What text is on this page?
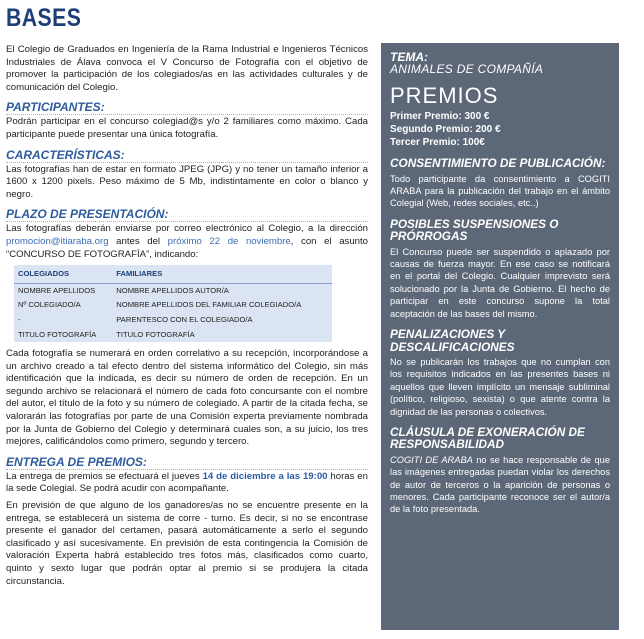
BASES

El Colegio de Graduados en Ingeniería de la Rama Industrial e Ingenieros Técnicos Industriales de Álava convoca el V Concurso de Fotografía con el objetivo de promover la participación de los colegiados/as en las actividades culturales y de comunicación del Colegio.

PARTICIPANTES:

Podrán participar en el concurso colegiad@s y/o 2 familiares como máximo. Cada participante puede presentar una única fotografía.

CARACTERÍSTICAS:

Las fotografías han de estar en formato JPEG (JPG) y no tener un tamaño inferior a 1600 x 1200 pixels. Peso máximo de 5 Mb, indistintamente en color o blanco y negro.

PLAZO DE PRESENTACIÓN:

Las fotografías deberán enviarse por correo electrónico al Colegio, a la dirección promocion@itiaraba.org antes del próximo 22 de noviembre, con el asunto “CONCURSO DE FOTOGRAFÍA”, indicando:

COLEGIADOS	FAMILIARES
NOMBRE APELLIDOS	NOMBRE APELLIDOS AUTOR/A
Nº COLEGIADO/A	NOMBRE APELLIDOS DEL FAMILIAR COLEGIADO/A
-	PARENTESCO CON EL COLEGIADO/A
TITULO FOTOGRAFÍA	TITULO FOTOGRAFÍA

Cada fotografía se numerará en orden correlativo a su recepción, incorporándose a un archivo creado a tal efecto dentro del sistema informático del Colegio, sin más identificación que la indicada, es decir su número de orden de recepción. En un segundo archivo se relacionará el número de cada foto concursante con el nombre del autor, el título de la foto y su número de colegiado. A partir de la citada fecha, se valorarán las fotografías por parte de una Comisión experta previamente nombrada por la Junta de Gobierno del Colegio y determinará cuales son, a su juicio, los tres mejores, calificándolos como primero, segundo y tercero.

ENTREGA DE PREMIOS:

La entrega de premios se efectuará el jueves 14 de diciembre a las 19:00 horas en la sede Colegial. Se podrá acudir con acompañante.

En previsión de que alguno de los ganadores/as no se encuentre presente en la entrega, se establecerá un sistema de corre - turno. Es decir, si no se encontrase presente el ganador del certamen, pasará automáticamente a serlo el segundo clasificado y así sucesivamente. En previsión de esta contingencia la Comisión de valoración Experta habrá establecido tres fotos más, clasificados como cuarto, quinto y sexto lugar que podrán optar al premio si se produjera la citada circunstancia.

TEMA:
ANIMALES DE COMPAÑÍA
PREMIOS
Primer Premio: 300 €
Segundo Premio: 200 €
Tercer Premio: 100€
CONSENTIMIENTO DE PUBLICACIÓN:

Todo participante da consentimiento a COGITI ARABA para la publicación del trabajo en el ámbito Colegial (Web, redes sociales, etc..)

POSIBLES SUSPENSIONES O PRÓRROGAS

El Concurso puede ser suspendido o aplazado por causas de fuerza mayor. En ese caso se notificará en el portal del Colegio. Cualquier imprevisto será solucionado por la Junta de Gobierno. El hecho de participar en este concurso supone la total aceptación de las bases del mismo.

PENALIZACIONES Y DESCALIFICACIONES

No se publicarán los trabajos que no cumplan con los requisitos indicados en las presentes bases ni aquellos que lleven implícito un mensaje subliminal (político, religioso, sexista) o que atente contra la dignidad de las personas o colectivos.

CLÁUSULA DE EXONERACIÓN DE RESPONSABILIDAD

COGITI DE ARABA no se hace responsable de que las imágenes entregadas puedan violar los derechos de autor de terceros o la aparición de personas o menores. Cada participante reconoce ser el autor/a de la foto presentada.
